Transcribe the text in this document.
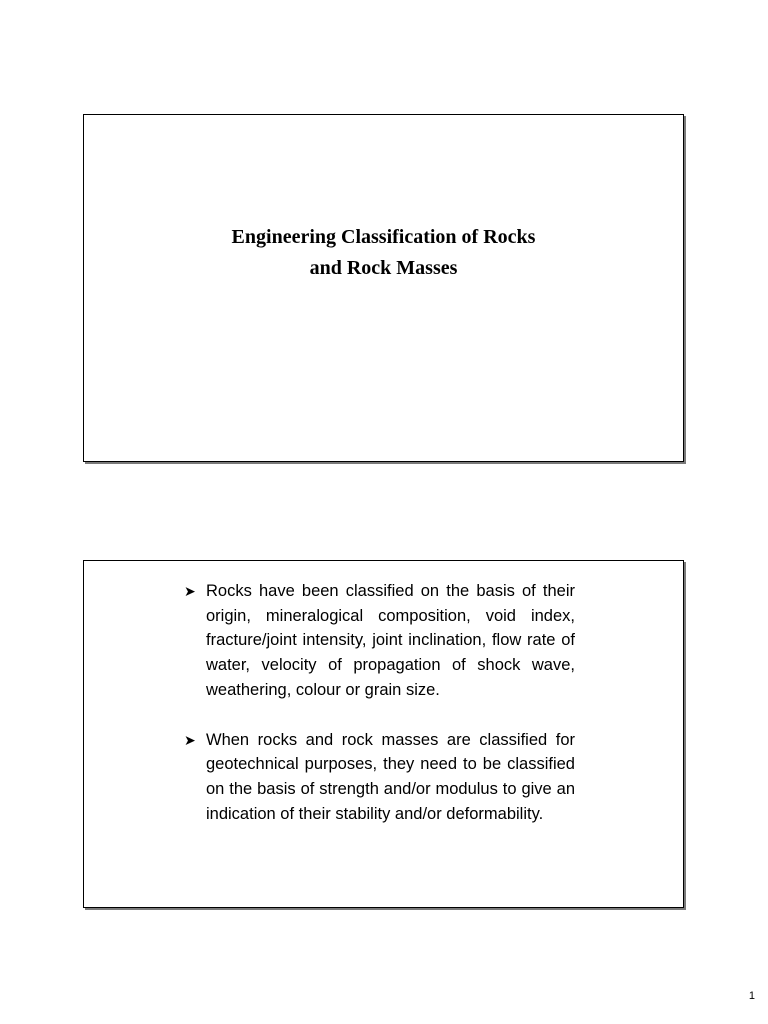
Engineering Classification of Rocks
and Rock Masses
➤ Rocks have been classified on the basis of their origin, mineralogical composition, void index, fracture/joint intensity, joint inclination, flow rate of water, velocity of propagation of shock wave, weathering, colour or grain size.
➤ When rocks and rock masses are classified for geotechnical purposes, they need to be classified on the basis of strength and/or modulus to give an indication of their stability and/or deformability.
1
